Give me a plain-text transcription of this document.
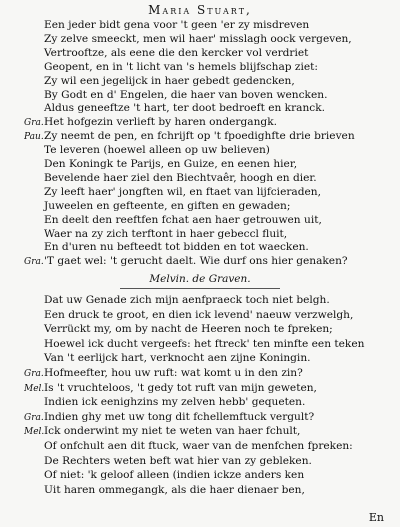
Maria Stuart,
Een jeder bidt gena voor 't geen 'er zy misdreven
Zy zelve smeeckt, men wil haer' misslagh oock vergeven,
Vertrooftze, als eene die den kercker vol verdriet
Geopent, en in 't licht van 's hemels blijfschap ziet:
Zy wil een jegelijck in haer gebedt gedencken,
By Godt en d' Engelen, die haer van boven wencken.
Aldus geneeftze 't hart, ter doot bedroeft en kranck.
Gra.Het hofgezin verlieft by haren ondergangk.
Pau.Zy neemt de pen, en fchrijft op 't fpoedighfte drie brieven
Te leveren (hoewel alleen op uw believen)
Den Koningk te Parijs, en Guize, en eenen hier,
Bevelende haer ziel den Biechtvaêr, hoogh en dier.
Zy leeft haer' jongften wil, en ftaet van lijfcieraden,
Juweelen en gefteente, en giften en gewaden;
En deelt den reeftfen fchat aen haer getrouwen uit,
Waer na zy zich terftont in haer gebeccl fluit,
En d'uren nu befteedt tot bidden en tot waecken.
Gra.'T gaet wel: 't gerucht daelt. Wie durf ons hier genaken?
Melvin. de Graven.
Dat uw Genade zich mijn aenfpraeck toch niet belgh.
Een druck te groot, en dien ick levend' naeuw verzwelgh,
Verrückt my, om by nacht de Heeren noch te fpreken;
Hoewel ick ducht vergeefs: het ftreck' ten minfte een teken
Van 't eerlijck hart, verknocht aen zijne Koningin.
Gra.Hofmeefter, hou uw ruft: wat komt u in den zin?
Mel.Is 't vruchteloos, 't gedy tot ruft van mijn geweten,
Indien ick eenighzins my zelven hebb' gequeten.
Gra.Indien ghy met uw tong dit fchellemftuck vergult?
Mel.Ick onderwint my niet te weten van haer fchult,
Of onfchult aen dit ftuck, waer van de menfchen fpreken:
De Rechters weten beft wat hier van zy gebleken.
Of niet: 'k geloof alleen (indien ickze anders ken
Uit haren ommegangk, als die haer dienaer ben,
En
